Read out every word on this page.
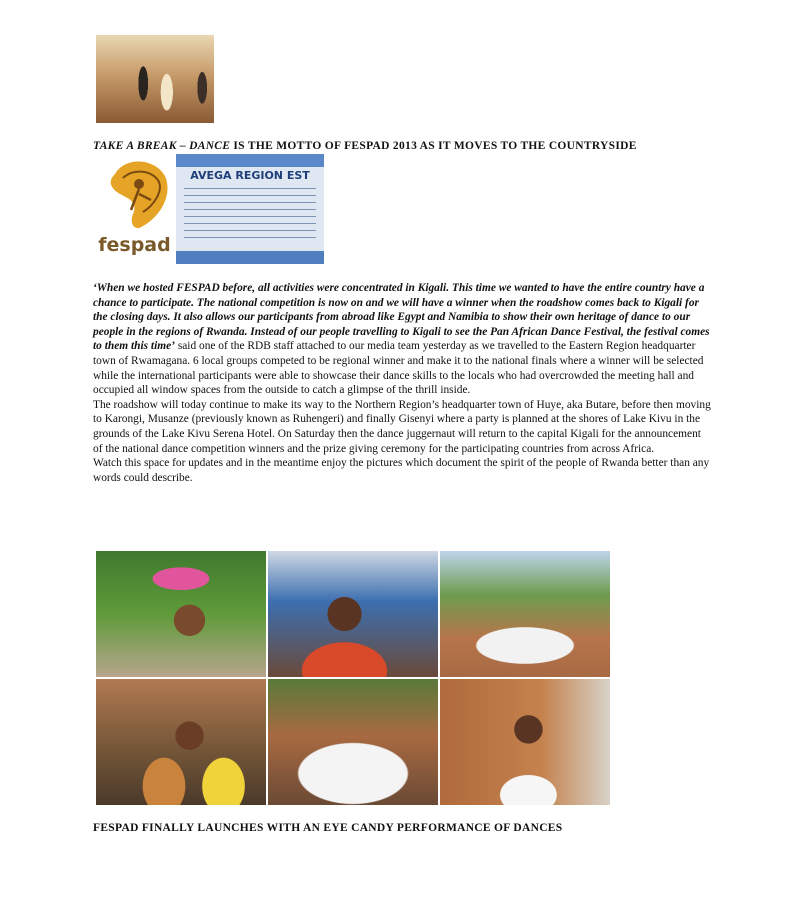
TAKE A BREAK – DANCE IS THE MOTTO OF FESPAD 2013 AS IT MOVES TO THE COUNTRYSIDE
fespad
AVEGA REGION EST

‘When we hosted FESPAD before, all activities were concentrated in Kigali. This time we wanted to have the entire country have a chance to participate. The national competition is now on and we will have a winner when the roadshow comes back to Kigali for the closing days. It also allows our participants from abroad like Egypt and Namibia to show their own heritage of dance to our people in the regions of Rwanda. Instead of our people travelling to Kigali to see the Pan African Dance Festival, the festival comes to them this time’ said one of the RDB staff attached to our media team yesterday as we travelled to the Eastern Region headquarter town of Rwamagana. 6 local groups competed to be regional winner and make it to the national finals where a winner will be selected while the international participants were able to showcase their dance skills to the locals who had overcrowded the meeting hall and occupied all window spaces from the outside to catch a glimpse of the thrill inside.

The roadshow will today continue to make its way to the Northern Region’s headquarter town of Huye, aka Butare, before then moving to Karongi, Musanze (previously known as Ruhengeri) and finally Gisenyi where a party is planned at the shores of Lake Kivu in the grounds of the Lake Kivu Serena Hotel. On Saturday then the dance juggernaut will return to the capital Kigali for the announcement of the national dance competition winners and the prize giving ceremony for the participating countries from across Africa.

Watch this space for updates and in the meantime enjoy the pictures which document the spirit of the people of Rwanda better than any words could describe.

FESPAD FINALLY LAUNCHES WITH AN EYE CANDY PERFORMANCE OF DANCES
